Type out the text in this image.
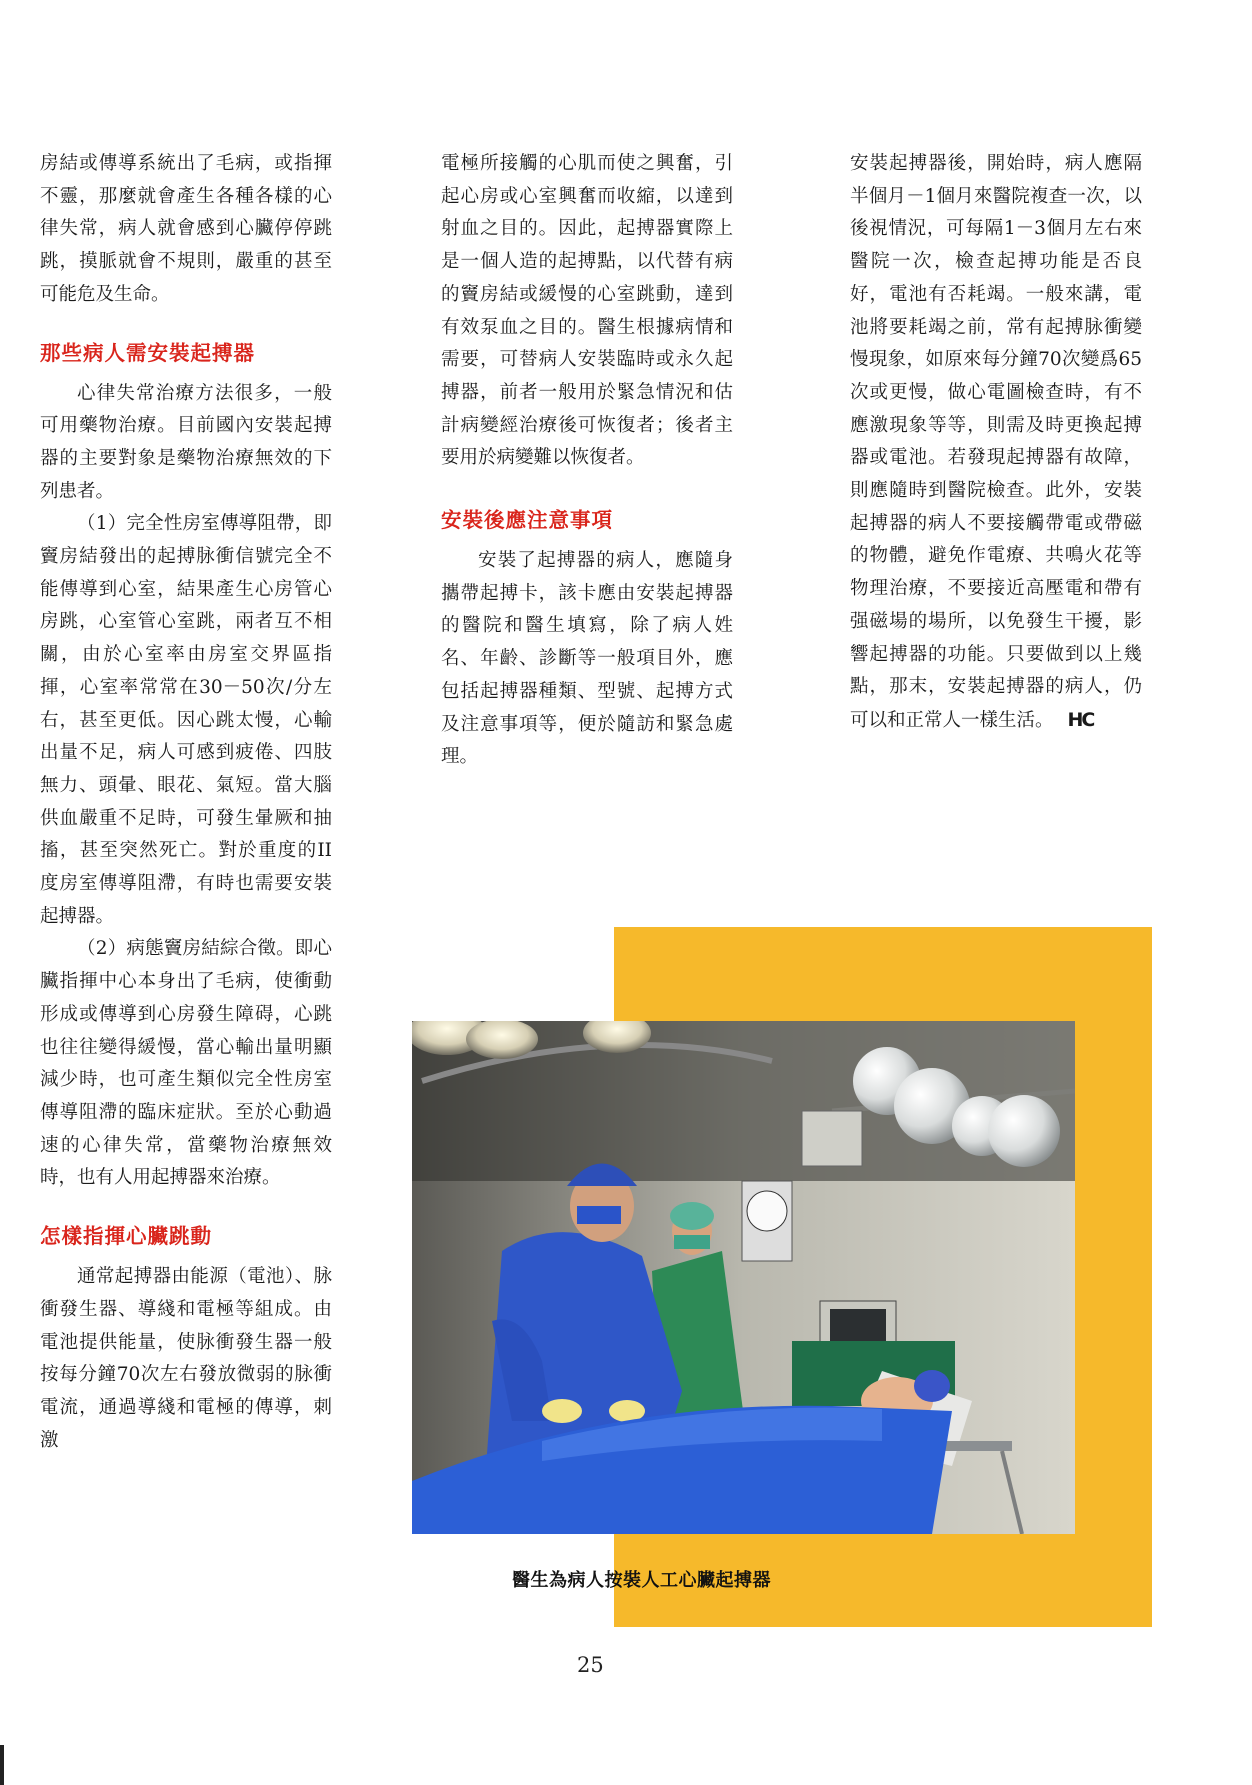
房結或傳導系統出了毛病，或指揮不靈，那麼就會產生各種各樣的心律失常，病人就會感到心臟停停跳跳，摸脈就會不規則，嚴重的甚至可能危及生命。

那些病人需安裝起搏器

心律失常治療方法很多，一般可用藥物治療。目前國內安裝起搏器的主要對象是藥物治療無效的下列患者。

（1）完全性房室傳導阻帶，即竇房結發出的起搏脉衝信號完全不能傳導到心室，結果產生心房管心房跳，心室管心室跳，兩者互不相關，由於心室率由房室交界區指揮，心室率常常在30－50次/分左右，甚至更低。因心跳太慢，心輸出量不足，病人可感到疲倦、四肢無力、頭暈、眼花、氣短。當大腦供血嚴重不足時，可發生暈厥和抽搐，甚至突然死亡。對於重度的II度房室傳導阻滯，有時也需要安裝起搏器。

（2）病態竇房結綜合徵。即心臟指揮中心本身出了毛病，使衝動形成或傳導到心房發生障碍，心跳也往往變得緩慢，當心輸出量明顯減少時，也可產生類似完全性房室傳導阻滯的臨床症狀。至於心動過速的心律失常，當藥物治療無效時，也有人用起搏器來治療。

怎樣指揮心臟跳動

通常起搏器由能源（電池）、脉衝發生器、導綫和電極等組成。由電池提供能量，使脉衝發生器一般按每分鐘70次左右發放微弱的脉衝電流，通過導綫和電極的傳導，刺激

電極所接觸的心肌而使之興奮，引起心房或心室興奮而收縮，以達到射血之目的。因此，起搏器實際上是一個人造的起搏點，以代替有病的竇房結或緩慢的心室跳動，達到有效泵血之目的。醫生根據病情和需要，可替病人安裝臨時或永久起搏器，前者一般用於緊急情況和估計病變經治療後可恢復者；後者主要用於病變難以恢復者。

安裝後應注意事項

安裝了起搏器的病人，應隨身攜帶起搏卡，該卡應由安裝起搏器的醫院和醫生填寫，除了病人姓名、年齡、診斷等一般項目外，應包括起搏器種類、型號、起搏方式及注意事項等，便於隨訪和緊急處理。

安裝起搏器後，開始時，病人應隔半個月－1個月來醫院複查一次，以後視情況，可每隔1－3個月左右來醫院一次，檢查起搏功能是否良好，電池有否耗竭。一般來講，電池將要耗竭之前，常有起搏脉衝變慢現象，如原來每分鐘70次變爲65次或更慢，做心電圖檢查時，有不應激現象等等，則需及時更換起搏器或電池。若發現起搏器有故障，則應隨時到醫院檢查。此外，安裝起搏器的病人不要接觸帶電或帶磁的物體，避免作電療、共鳴火花等物理治療，不要接近高壓電和帶有强磁場的場所，以免發生干擾，影響起搏器的功能。只要做到以上幾點，那末，安裝起搏器的病人，仍可以和正常人一樣生活。 HC

醫生為病人按裝人工心臟起搏器
25
